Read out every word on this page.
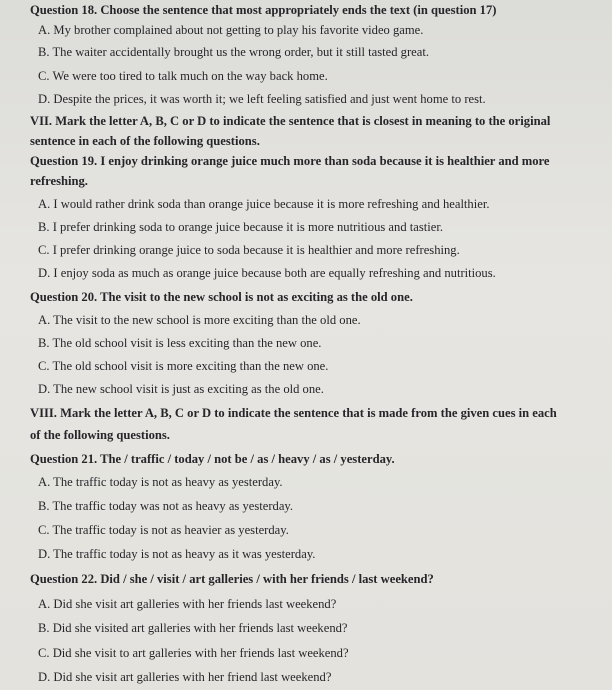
Question 18. Choose the sentence that most appropriately ends the text (in question 17)
A. My brother complained about not getting to play his favorite video game.
B. The waiter accidentally brought us the wrong order, but it still tasted great.
C. We were too tired to talk much on the way back home.
D. Despite the prices, it was worth it; we left feeling satisfied and just went home to rest.
VII. Mark the letter A, B, C or D to indicate the sentence that is closest in meaning to the original
sentence in each of the following questions.
Question 19. I enjoy drinking orange juice much more than soda because it is healthier and more
refreshing.
A. I would rather drink soda than orange juice because it is more refreshing and healthier.
B. I prefer drinking soda to orange juice because it is more nutritious and tastier.
C. I prefer drinking orange juice to soda because it is healthier and more refreshing.
D. I enjoy soda as much as orange juice because both are equally refreshing and nutritious.
Question 20. The visit to the new school is not as exciting as the old one.
A. The visit to the new school is more exciting than the old one.
B. The old school visit is less exciting than the new one.
C. The old school visit is more exciting than the new one.
D. The new school visit is just as exciting as the old one.
VIII. Mark the letter A, B, C or D to indicate the sentence that is made from the given cues in each
of the following questions.
Question 21. The / traffic / today / not be / as / heavy / as / yesterday.
A. The traffic today is not as heavy as yesterday.
B. The traffic today was not as heavy as yesterday.
C. The traffic today is not as heavier as yesterday.
D. The traffic today is not as heavy as it was yesterday.
Question 22. Did / she / visit / art galleries / with her friends / last weekend?
A. Did she visit art galleries with her friends last weekend?
B. Did she visited art galleries with her friends last weekend?
C. Did she visit to art galleries with her friends last weekend?
D. Did she visit art galleries with her friend last weekend?
